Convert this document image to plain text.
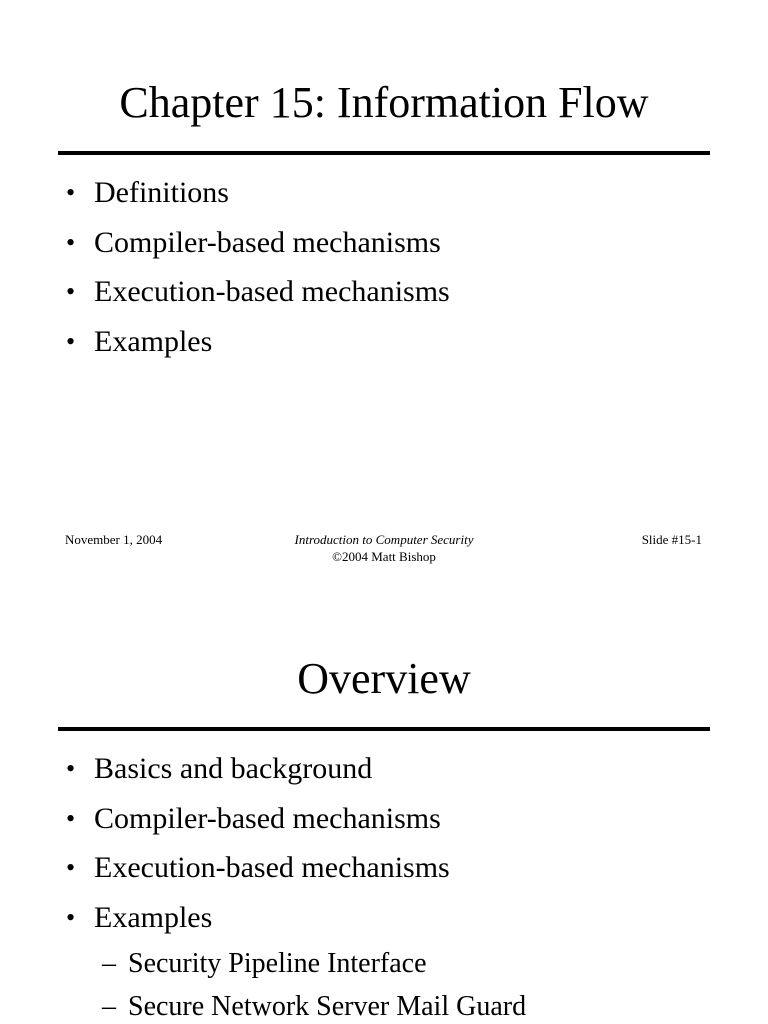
Chapter 15: Information Flow
• Definitions
• Compiler-based mechanisms
• Execution-based mechanisms
• Examples
November 1, 2004	Introduction to Computer Security
©2004 Matt Bishop
Slide #15-1
Overview
• Basics and background
• Compiler-based mechanisms
• Execution-based mechanisms
• Examples
– Security Pipeline Interface
– Secure Network Server Mail Guard
